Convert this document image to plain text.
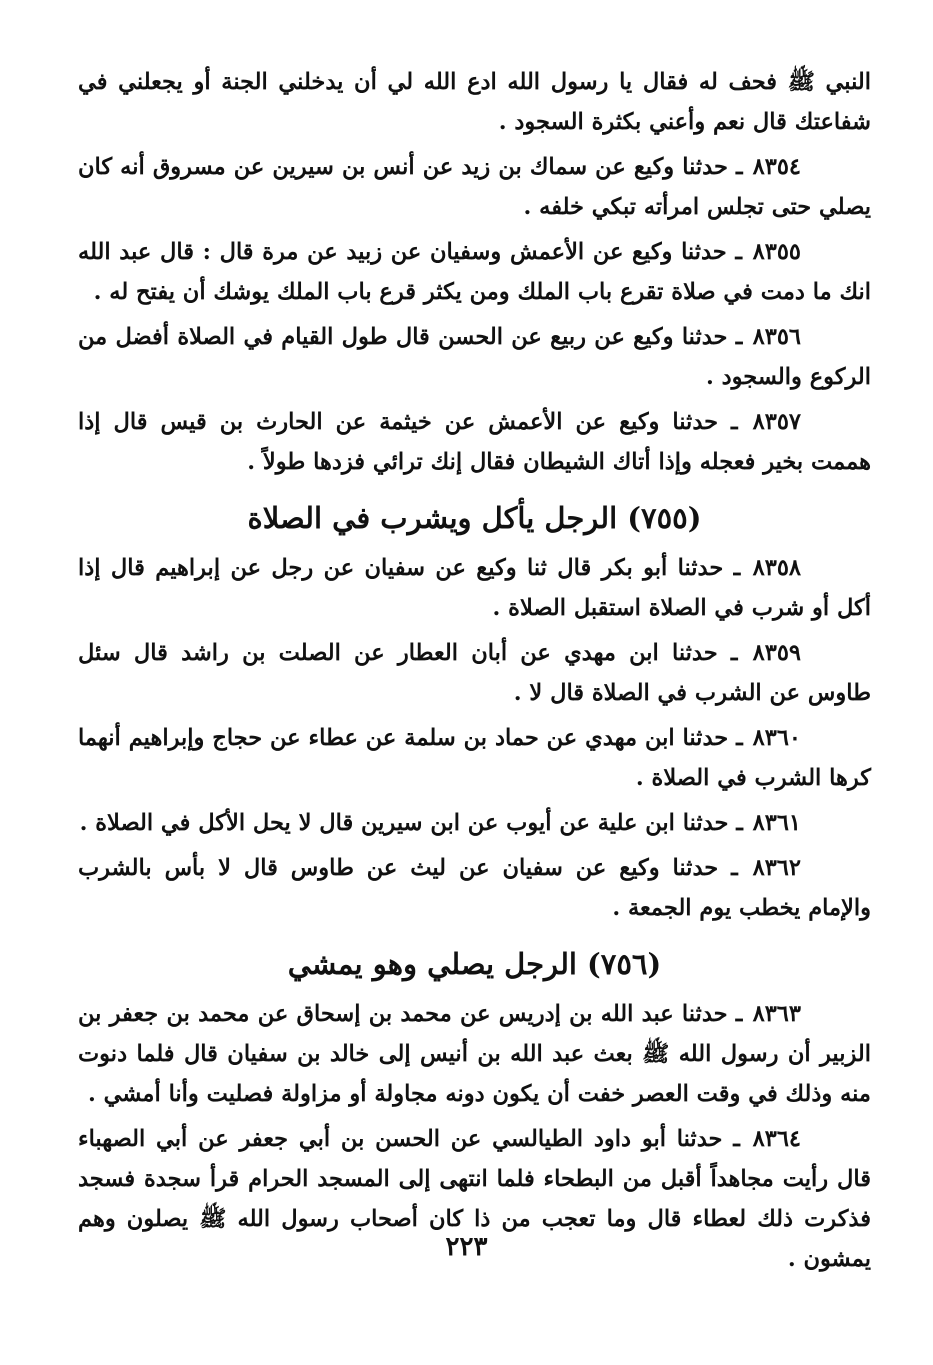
النبي ﷺ فحف له فقال يا رسول الله ادع الله لي أن يدخلني الجنة أو يجعلني في شفاعتك قال نعم وأعني بكثرة السجود .

٨٣٥٤ ـ حدثنا وكيع عن سماك بن زيد عن أنس بن سيرين عن مسروق أنه كان يصلي حتى تجلس امرأته تبكي خلفه .

٨٣٥٥ ـ حدثنا وكيع عن الأعمش وسفيان عن زبيد عن مرة قال : قال عبد الله انك ما دمت في صلاة تقرع باب الملك ومن يكثر قرع باب الملك يوشك أن يفتح له .

٨٣٥٦ ـ حدثنا وكيع عن ربيع عن الحسن قال طول القيام في الصلاة أفضل من الركوع والسجود .

٨٣٥٧ ـ حدثنا وكيع عن الأعمش عن خيثمة عن الحارث بن قيس قال إذا هممت بخير فعجله وإذا أتاك الشيطان فقال إنك ترائي فزدها طولاً .

(٧٥٥) الرجل يأكل ويشرب في الصلاة

٨٣٥٨ ـ حدثنا أبو بكر قال ثنا وكيع عن سفيان عن رجل عن إبراهيم قال إذا أكل أو شرب في الصلاة استقبل الصلاة .

٨٣٥٩ ـ حدثنا ابن مهدي عن أبان العطار عن الصلت بن راشد قال سئل طاوس عن الشرب في الصلاة قال لا .

٨٣٦٠ ـ حدثنا ابن مهدي عن حماد بن سلمة عن عطاء عن حجاج وإبراهيم أنهما كرها الشرب في الصلاة .

٨٣٦١ ـ حدثنا ابن علية عن أيوب عن ابن سيرين قال لا يحل الأكل في الصلاة .

٨٣٦٢ ـ حدثنا وكيع عن سفيان عن ليث عن طاوس قال لا بأس بالشرب والإمام يخطب يوم الجمعة .

(٧٥٦) الرجل يصلي وهو يمشي

٨٣٦٣ ـ حدثنا عبد الله بن إدريس عن محمد بن إسحاق عن محمد بن جعفر بن الزبير أن رسول الله ﷺ بعث عبد الله بن أنيس إلى خالد بن سفيان قال فلما دنوت منه وذلك في وقت العصر خفت أن يكون دونه مجاولة أو مزاولة فصليت وأنا أمشي .

٨٣٦٤ ـ حدثنا أبو داود الطيالسي عن الحسن بن أبي جعفر عن أبي الصهباء قال رأيت مجاهداً أقبل من البطحاء فلما انتهى إلى المسجد الحرام قرأ سجدة فسجد فذكرت ذلك لعطاء قال وما تعجب من ذا كان أصحاب رسول الله ﷺ يصلون وهم يمشون .

٢٢٣
